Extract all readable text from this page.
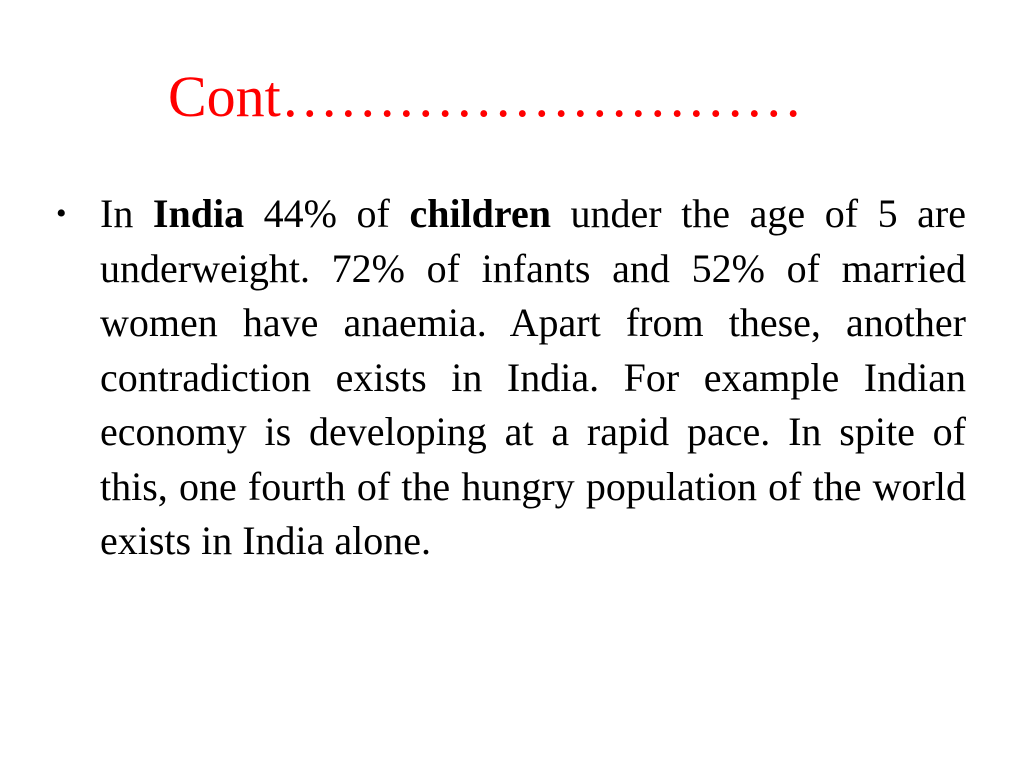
Cont………………………
• In India 44% of children under the age of 5 are underweight. 72% of infants and 52% of married women have anaemia. Apart from these, another contradiction exists in India. For example Indian economy is developing at a rapid pace. In spite of this, one fourth of the hungry population of the world exists in India alone.
